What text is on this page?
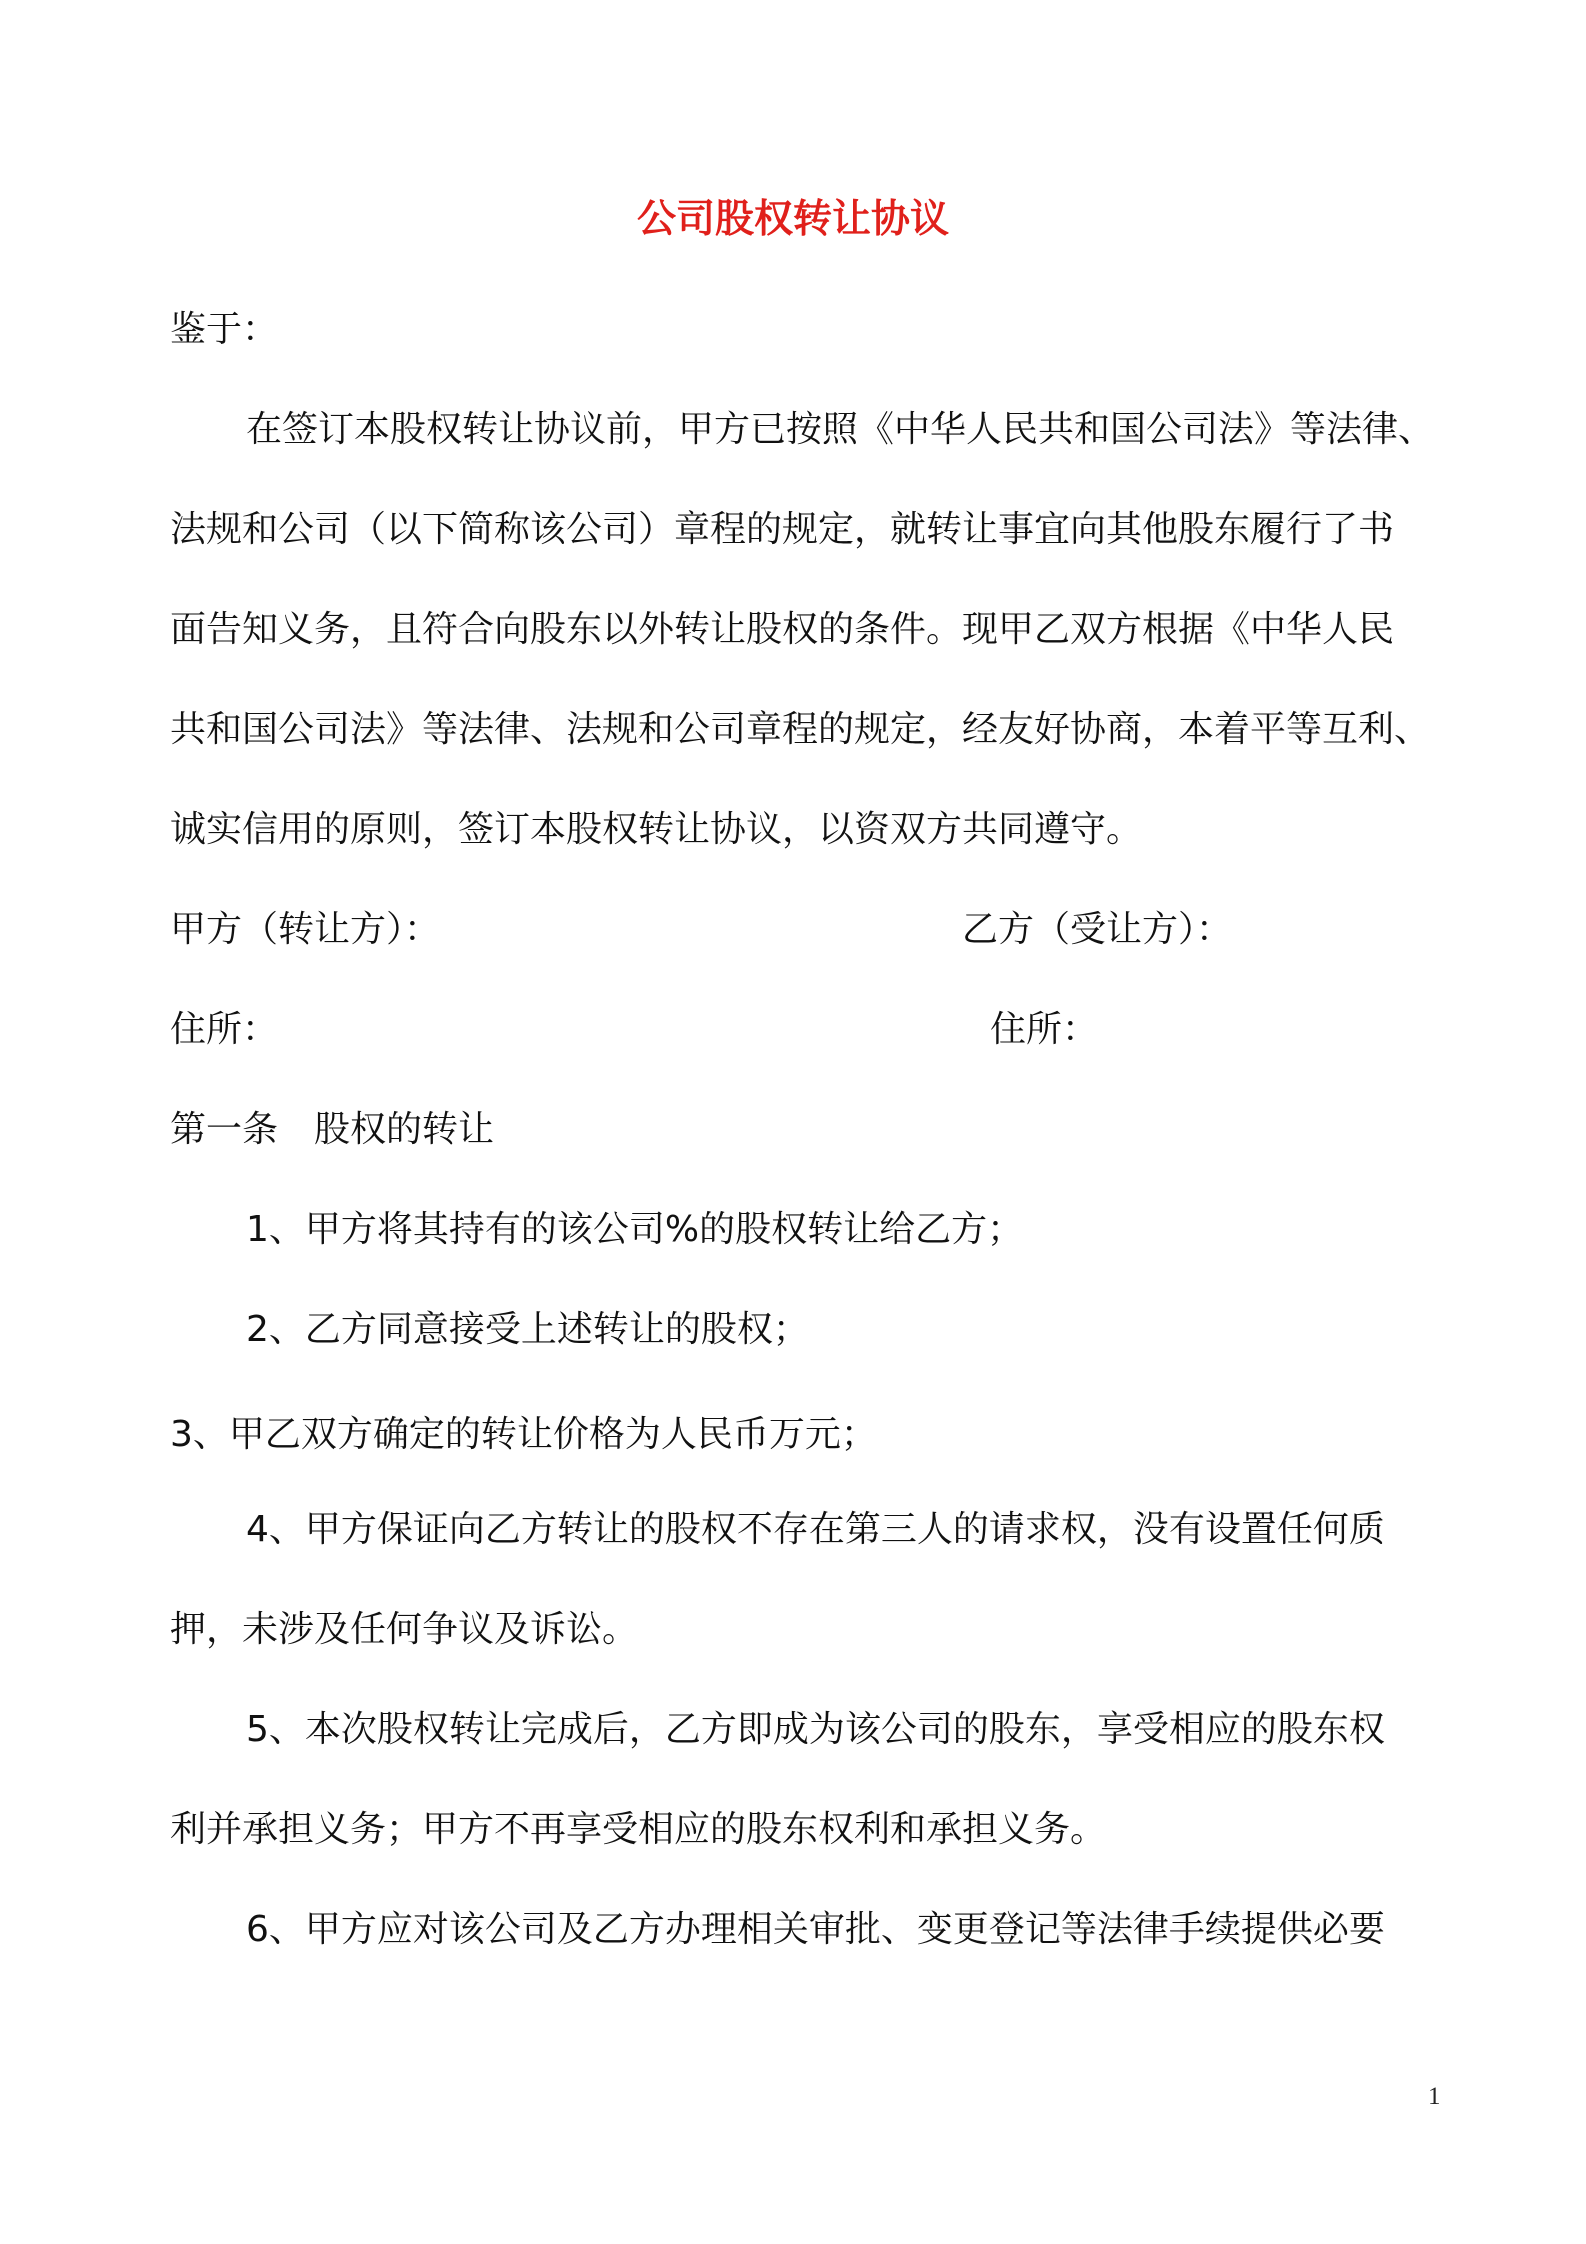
公司股权转让协议

鉴于：

在签订本股权转让协议前，甲方已按照《中华人民共和国公司法》等法律、

法规和公司（以下简称该公司）章程的规定，就转让事宜向其他股东履行了书

面告知义务，且符合向股东以外转让股权的条件。现甲乙双方根据《中华人民

共和国公司法》等法律、法规和公司章程的规定，经友好协商，本着平等互利、

诚实信用的原则，签订本股权转让协议，以资双方共同遵守。

甲方（转让方）：	乙方（受让方）：

住所：	住所：

第一条　股权的转让

1、甲方将其持有的该公司%的股权转让给乙方；

2、乙方同意接受上述转让的股权；

3、甲乙双方确定的转让价格为人民币万元；

4、甲方保证向乙方转让的股权不存在第三人的请求权，没有设置任何质

押，未涉及任何争议及诉讼。

5、本次股权转让完成后，乙方即成为该公司的股东，享受相应的股东权

利并承担义务；甲方不再享受相应的股东权利和承担义务。

6、甲方应对该公司及乙方办理相关审批、变更登记等法律手续提供必要

1
